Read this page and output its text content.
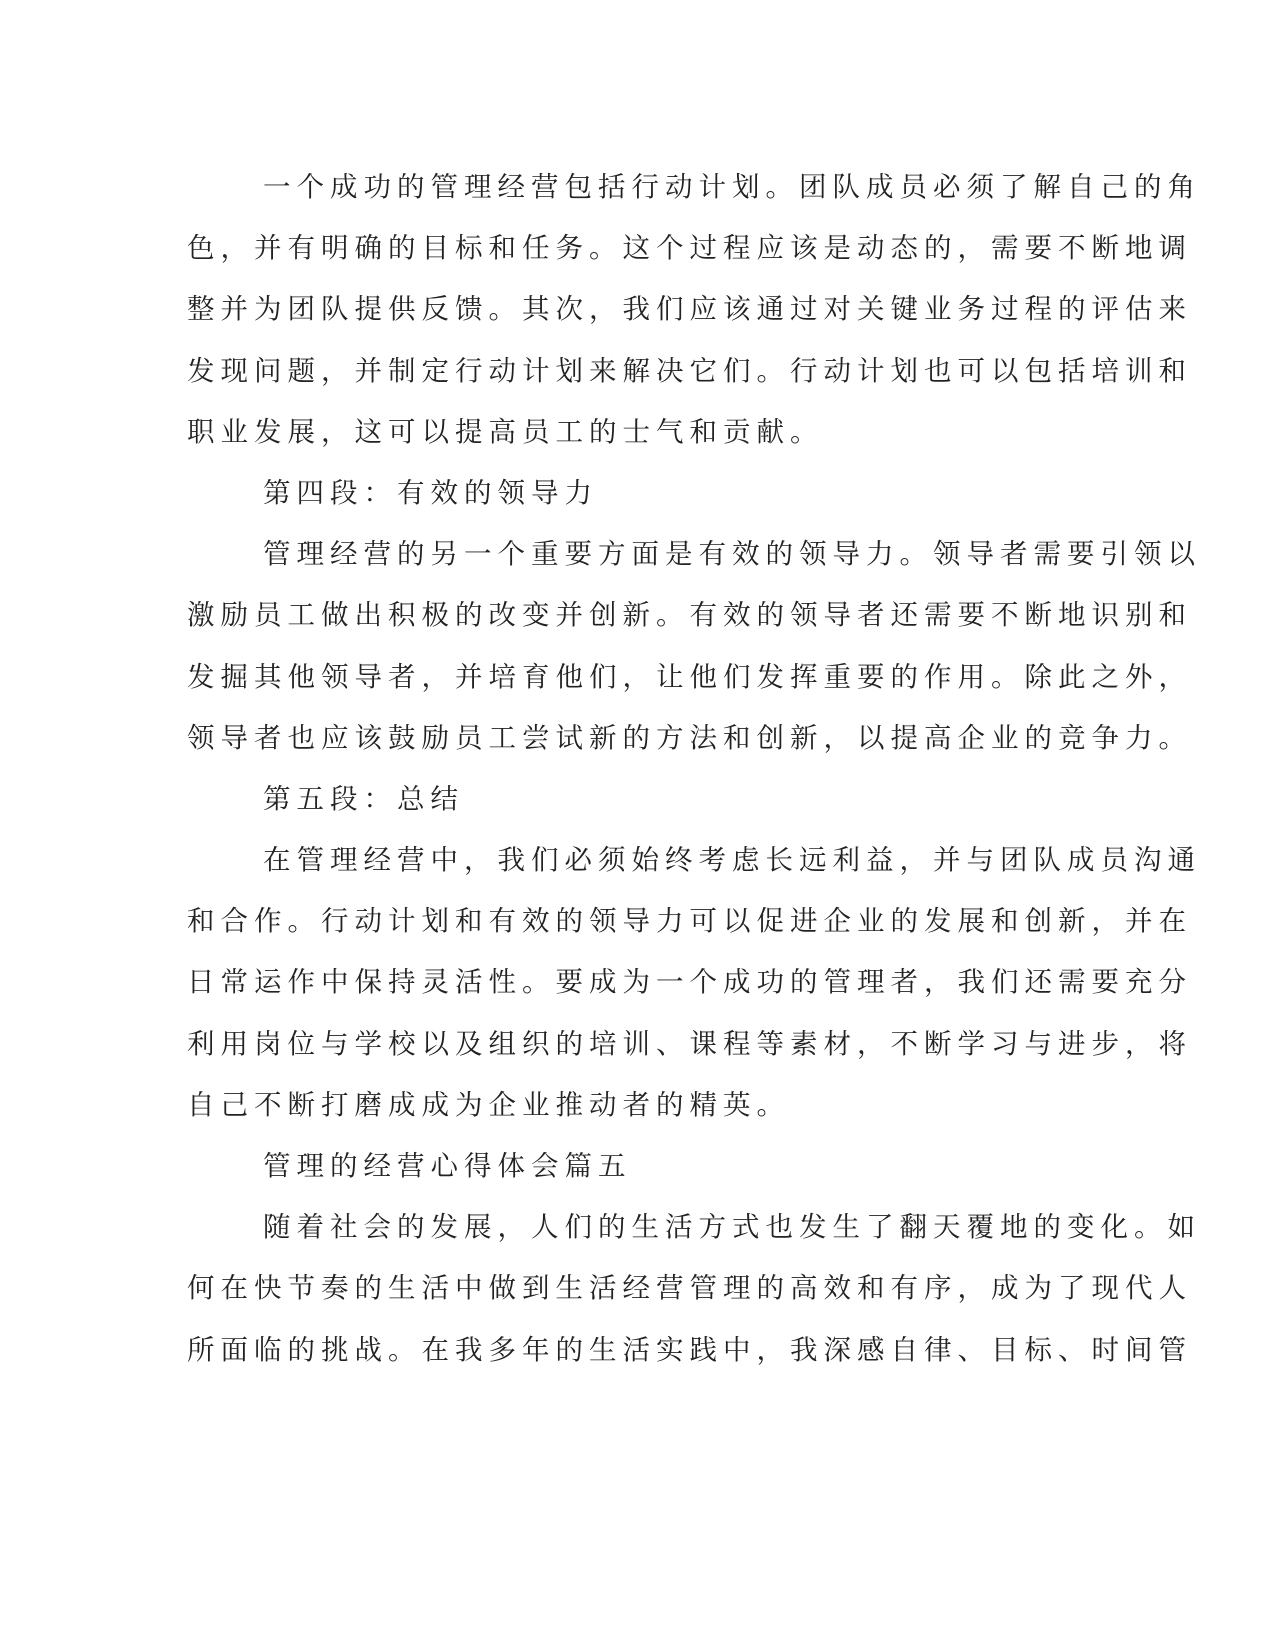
一个成功的管理经营包括行动计划。团队成员必须了解自己的角
色，并有明确的目标和任务。这个过程应该是动态的，需要不断地调
整并为团队提供反馈。其次，我们应该通过对关键业务过程的评估来
发现问题，并制定行动计划来解决它们。行动计划也可以包括培训和
职业发展，这可以提高员工的士气和贡献。
第四段：有效的领导力
管理经营的另一个重要方面是有效的领导力。领导者需要引领以
激励员工做出积极的改变并创新。有效的领导者还需要不断地识别和
发掘其他领导者，并培育他们，让他们发挥重要的作用。除此之外，
领导者也应该鼓励员工尝试新的方法和创新，以提高企业的竞争力。
第五段：总结
在管理经营中，我们必须始终考虑长远利益，并与团队成员沟通
和合作。行动计划和有效的领导力可以促进企业的发展和创新，并在
日常运作中保持灵活性。要成为一个成功的管理者，我们还需要充分
利用岗位与学校以及组织的培训、课程等素材，不断学习与进步，将
自己不断打磨成成为企业推动者的精英。
管理的经营心得体会篇五
随着社会的发展，人们的生活方式也发生了翻天覆地的变化。如
何在快节奏的生活中做到生活经营管理的高效和有序，成为了现代人
所面临的挑战。在我多年的生活实践中，我深感自律、目标、时间管
